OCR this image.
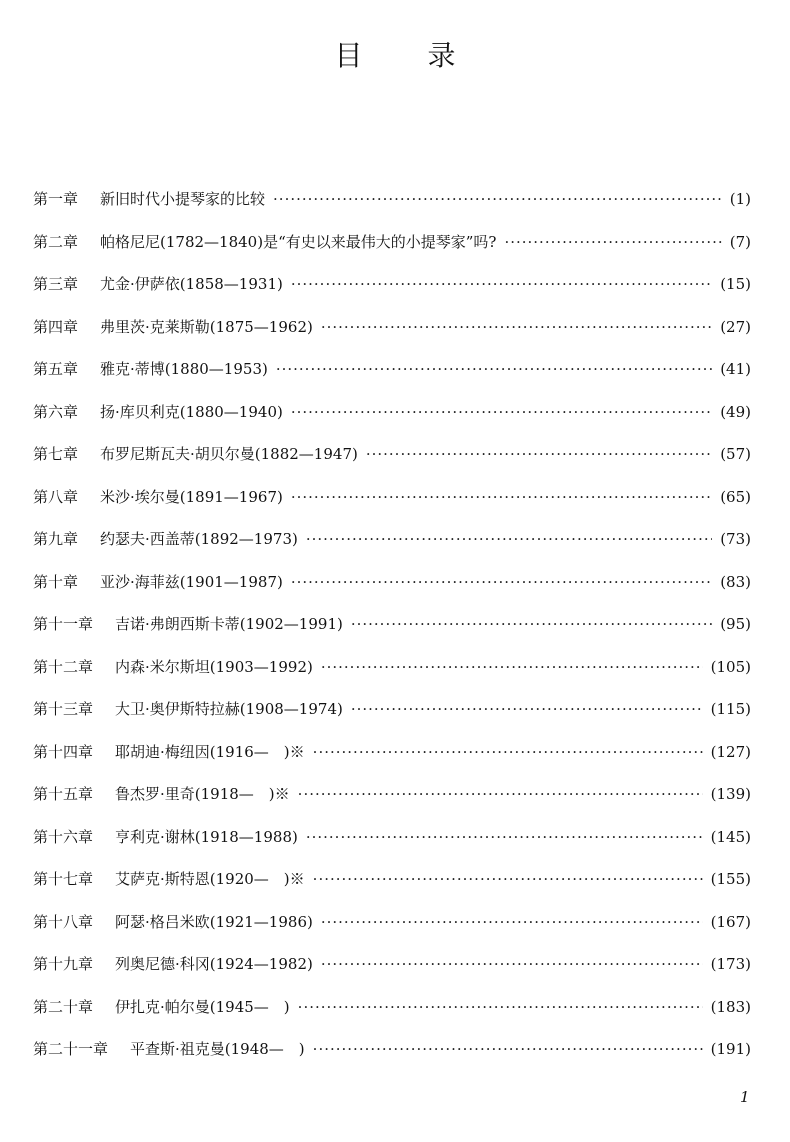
目 录
第一章 新旧时代小提琴家的比较 ·····	(1)
第二章 帕格尼尼(1782—1840)是“有史以来最伟大的小提琴家”吗? ·····	(7)
第三章 尤金·伊萨依(1858—1931) ·····	(15)
第四章 弗里茨·克莱斯勒(1875—1962) ·····	(27)
第五章 雅克·蒂博(1880—1953) ·····	(41)
第六章 扬·库贝利克(1880—1940) ·····	(49)
第七章 布罗尼斯瓦夫·胡贝尔曼(1882—1947) ·····	(57)
第八章 米沙·埃尔曼(1891—1967) ·····	(65)
第九章 约瑟夫·西盖蒂(1892—1973) ·····	(73)
第十章 亚沙·海菲兹(1901—1987) ·····	(83)
第十一章 吉诺·弗朗西斯卡蒂(1902—1991) ·····	(95)
第十二章 内森·米尔斯坦(1903—1992) ·····	(105)
第十三章 大卫·奥伊斯特拉赫(1908—1974) ·····	(115)
第十四章 耶胡迪·梅纽因(1916—　)※ ·····	(127)
第十五章 鲁杰罗·里奇(1918—　)※ ·····	(139)
第十六章 亨利克·谢林(1918—1988) ·····	(145)
第十七章 艾萨克·斯特恩(1920—　)※ ·····	(155)
第十八章 阿瑟·格吕米欧(1921—1986) ·····	(167)
第十九章 列奥尼德·科冈(1924—1982) ·····	(173)
第二十章 伊扎克·帕尔曼(1945—　) ·····	(183)
第二十一章 平查斯·祖克曼(1948—　) ·····	(191)
1
